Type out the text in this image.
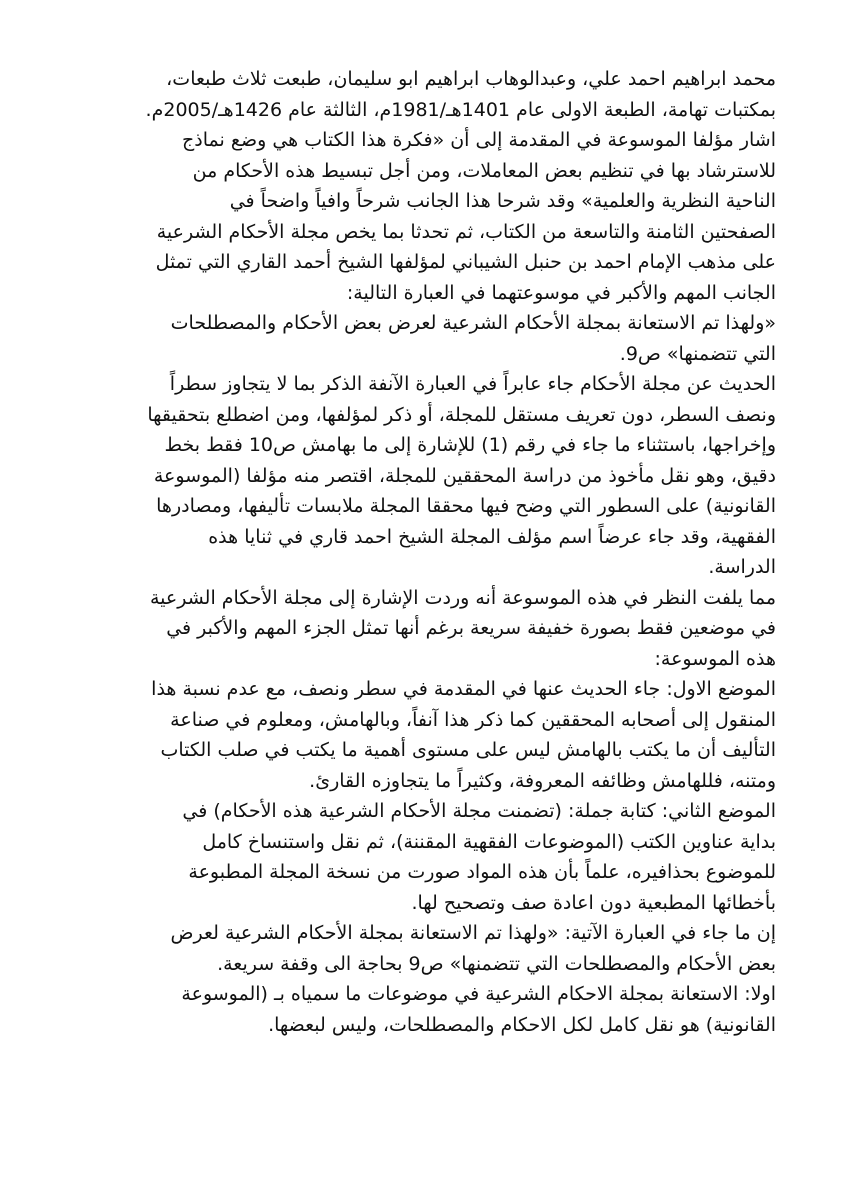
محمد ابراهيم احمد علي، وعبدالوهاب ابراهيم ابو سليمان، طبعت ثلاث طبعات،
بمكتبات تهامة، الطبعة الاولى عام 1401هـ/1981م، الثالثة عام 1426هـ/2005م.
اشار مؤلفا الموسوعة في المقدمة إلى أن «فكرة هذا الكتاب هي وضع نماذج
للاسترشاد بها في تنظيم بعض المعاملات، ومن أجل تبسيط هذه الأحكام من
الناحية النظرية والعلمية» وقد شرحا هذا الجانب شرحاً وافياً واضحاً في
الصفحتين الثامنة والتاسعة من الكتاب، ثم تحدثا بما يخص مجلة الأحكام الشرعية
على مذهب الإمام احمد بن حنبل الشيباني لمؤلفها الشيخ أحمد القاري التي تمثل
الجانب المهم والأكبر في موسوعتهما في العبارة التالية:
«ولهذا تم الاستعانة بمجلة الأحكام الشرعية لعرض بعض الأحكام والمصطلحات
التي تتضمنها» ص9.
الحديث عن مجلة الأحكام جاء عابراً في العبارة الآنفة الذكر بما لا يتجاوز سطراً
ونصف السطر، دون تعريف مستقل للمجلة، أو ذكر لمؤلفها، ومن اضطلع بتحقيقها
وإخراجها، باستثناء ما جاء في رقم (1) للإشارة إلى ما بهامش ص10 فقط بخط
دقيق، وهو نقل مأخوذ من دراسة المحققين للمجلة، اقتصر منه مؤلفا (الموسوعة
القانونية) على السطور التي وضح فيها محققا المجلة ملابسات تأليفها، ومصادرها
الفقهية، وقد جاء عرضاً اسم مؤلف المجلة الشيخ احمد قاري في ثنايا هذه
الدراسة.
مما يلفت النظر في هذه الموسوعة أنه وردت الإشارة إلى مجلة الأحكام الشرعية
في موضعين فقط بصورة خفيفة سريعة برغم أنها تمثل الجزء المهم والأكبر في
هذه الموسوعة:
الموضع الاول: جاء الحديث عنها في المقدمة في سطر ونصف، مع عدم نسبة هذا
المنقول إلى أصحابه المحققين كما ذكر هذا آنفاً، وبالهامش، ومعلوم في صناعة
التأليف أن ما يكتب بالهامش ليس على مستوى أهمية ما يكتب في صلب الكتاب
ومتنه، فللهامش وظائفه المعروفة، وكثيراً ما يتجاوزه القارئ.
الموضع الثاني: كتابة جملة: (تضمنت مجلة الأحكام الشرعية هذه الأحكام) في
بداية عناوين الكتب (الموضوعات الفقهية المقننة)، ثم نقل واستنساخ كامل
للموضوع بحذافيره، علماً بأن هذه المواد صورت من نسخة المجلة المطبوعة
بأخطائها المطبعية دون اعادة صف وتصحيح لها.
إن ما جاء في العبارة الآتية: «ولهذا تم الاستعانة بمجلة الأحكام الشرعية لعرض
بعض الأحكام والمصطلحات التي تتضمنها» ص9 بحاجة الى وقفة سريعة.
اولا: الاستعانة بمجلة الاحكام الشرعية في موضوعات ما سمياه بـ (الموسوعة
القانونية) هو نقل كامل لكل الاحكام والمصطلحات، وليس لبعضها.
